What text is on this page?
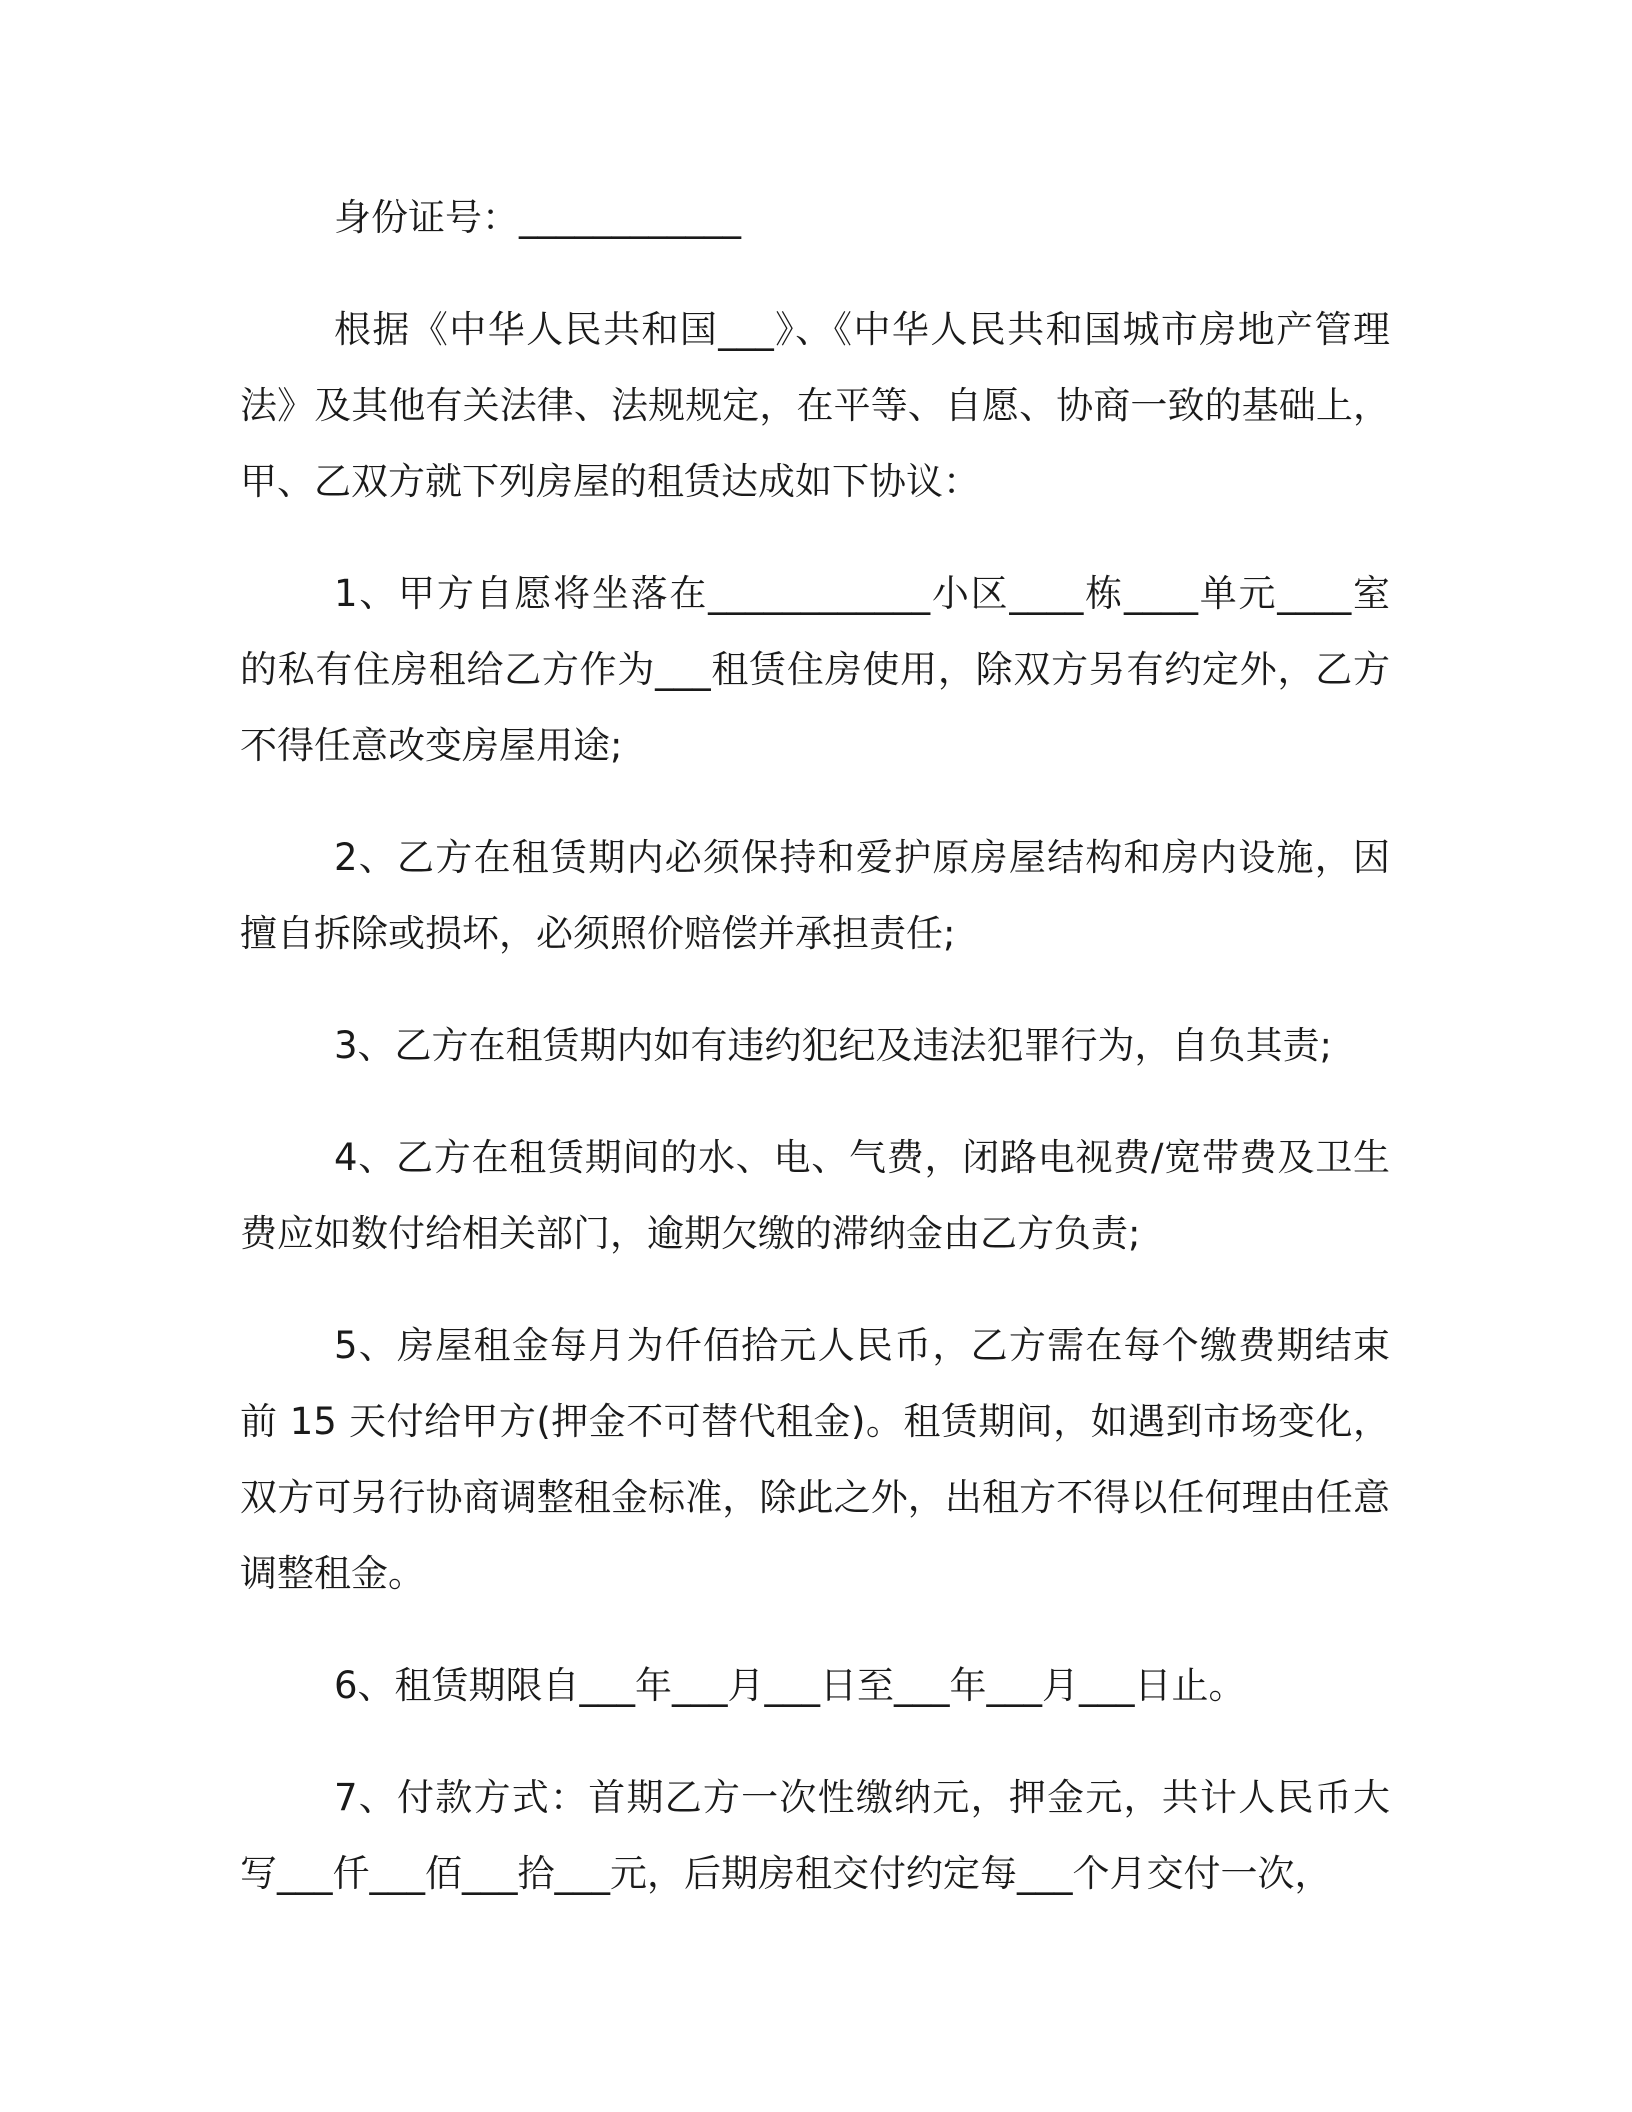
身份证号：____________

根据《中华人民共和国___》、《中华人民共和国城市房地产管理法》及其他有关法律、法规规定，在平等、自愿、协商一致的基础上，甲、乙双方就下列房屋的租赁达成如下协议：

1、甲方自愿将坐落在____________小区____栋____单元____室的私有住房租给乙方作为___租赁住房使用，除双方另有约定外，乙方不得任意改变房屋用途;

2、乙方在租赁期内必须保持和爱护原房屋结构和房内设施，因擅自拆除或损坏，必须照价赔偿并承担责任;

3、乙方在租赁期内如有违约犯纪及违法犯罪行为，自负其责;

4、乙方在租赁期间的水、电、气费，闭路电视费/宽带费及卫生费应如数付给相关部门，逾期欠缴的滞纳金由乙方负责;

5、房屋租金每月为仟佰拾元人民币，乙方需在每个缴费期结束前 15 天付给甲方(押金不可替代租金)。租赁期间，如遇到市场变化，双方可另行协商调整租金标准，除此之外，出租方不得以任何理由任意调整租金。

6、租赁期限自___年___月___日至___年___月___日止。

7、付款方式：首期乙方一次性缴纳元，押金元，共计人民币大写___仟___佰___拾___元，后期房租交付约定每___个月交付一次，
